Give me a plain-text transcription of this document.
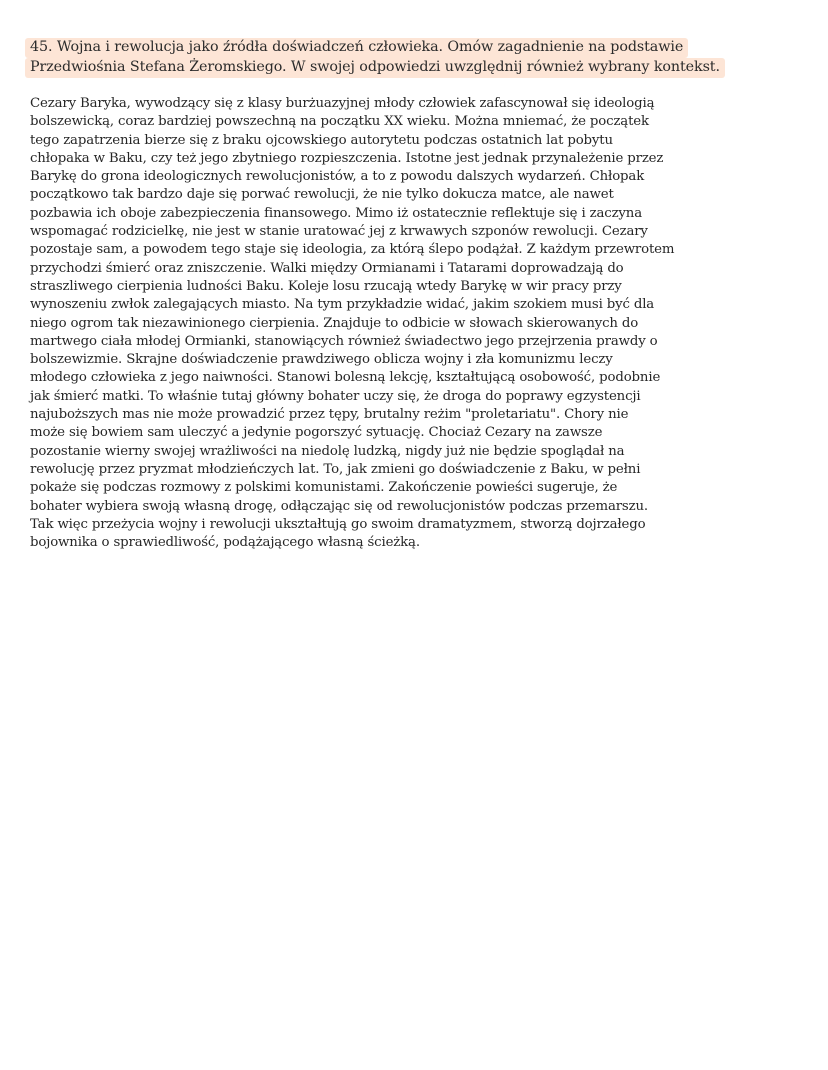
45. Wojna i rewolucja jako źródła doświadczeń człowieka. Omów zagadnienie na podstawie
Przedwiośnia Stefana Żeromskiego. W swojej odpowiedzi uwzględnij również wybrany kontekst.
Cezary Baryka, wywodzący się z klasy burżuazyjnej młody człowiek zafascynował się ideologią
bolszewicką, coraz bardziej powszechną na początku XX wieku. Można mniemać, że początek
tego zapatrzenia bierze się z braku ojcowskiego autorytetu podczas ostatnich lat pobytu
chłopaka w Baku, czy też jego zbytniego rozpieszczenia. Istotne jest jednak przynależenie przez
Barykę do grona ideologicznych rewolucjonistów, a to z powodu dalszych wydarzeń. Chłopak
początkowo tak bardzo daje się porwać rewolucji, że nie tylko dokucza matce, ale nawet
pozbawia ich oboje zabezpieczenia finansowego. Mimo iż ostatecznie reflektuje się i zaczyna
wspomagać rodzicielkę, nie jest w stanie uratować jej z krwawych szponów rewolucji. Cezary
pozostaje sam, a powodem tego staje się ideologia, za którą ślepo podążał. Z każdym przewrotem
przychodzi śmierć oraz zniszczenie. Walki między Ormianami i Tatarami doprowadzają do
straszliwego cierpienia ludności Baku. Koleje losu rzucają wtedy Barykę w wir pracy przy
wynoszeniu zwłok zalegających miasto. Na tym przykładzie widać, jakim szokiem musi być dla
niego ogrom tak niezawinionego cierpienia. Znajduje to odbicie w słowach skierowanych do
martwego ciała młodej Ormianki, stanowiących również świadectwo jego przejrzenia prawdy o
bolszewizmie. Skrajne doświadczenie prawdziwego oblicza wojny i zła komunizmu leczy
młodego człowieka z jego naiwności. Stanowi bolesną lekcję, kształtującą osobowość, podobnie
jak śmierć matki. To właśnie tutaj główny bohater uczy się, że droga do poprawy egzystencji
najuboższych mas nie może prowadzić przez tępy, brutalny reżim "proletariatu". Chory nie
może się bowiem sam uleczyć a jedynie pogorszyć sytuację. Chociaż Cezary na zawsze
pozostanie wierny swojej wrażliwości na niedolę ludzką, nigdy już nie będzie spoglądał na
rewolucję przez pryzmat młodzieńczych lat. To, jak zmieni go doświadczenie z Baku, w pełni
pokaże się podczas rozmowy z polskimi komunistami. Zakończenie powieści sugeruje, że
bohater wybiera swoją własną drogę, odłączając się od rewolucjonistów podczas przemarszu.
Tak więc przeżycia wojny i rewolucji ukształtują go swoim dramatyzmem, stworzą dojrzałego
bojownika o sprawiedliwość, podążającego własną ścieżką.
